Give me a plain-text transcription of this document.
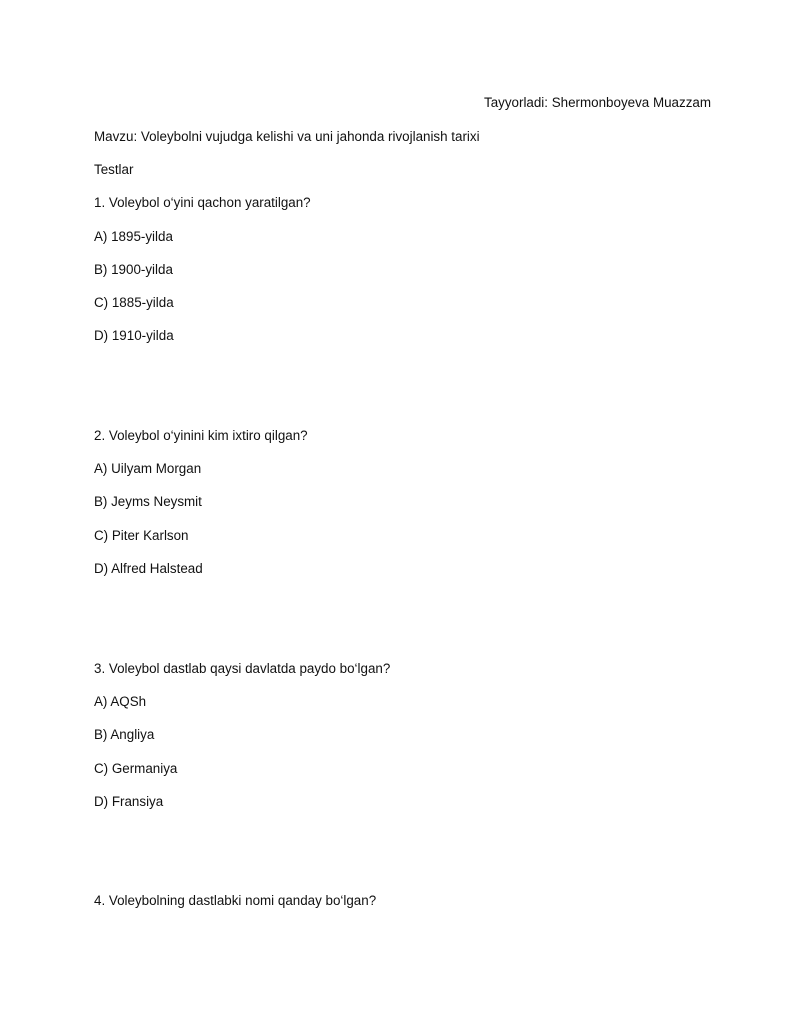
Tayyorladi: Shermonboyeva Muazzam
Mavzu: Voleybolni vujudga kelishi va uni jahonda rivojlanish tarixi
Testlar
1. Voleybol o‘yini qachon yaratilgan?
A) 1895-yilda
B) 1900-yilda
C) 1885-yilda
D) 1910-yilda
2. Voleybol o‘yinini kim ixtiro qilgan?
A) Uilyam Morgan
B) Jeyms Neysmit
C) Piter Karlson
D) Alfred Halstead
3. Voleybol dastlab qaysi davlatda paydo bo‘lgan?
A) AQSh
B) Angliya
C) Germaniya
D) Fransiya
4. Voleybolning dastlabki nomi qanday bo‘lgan?
